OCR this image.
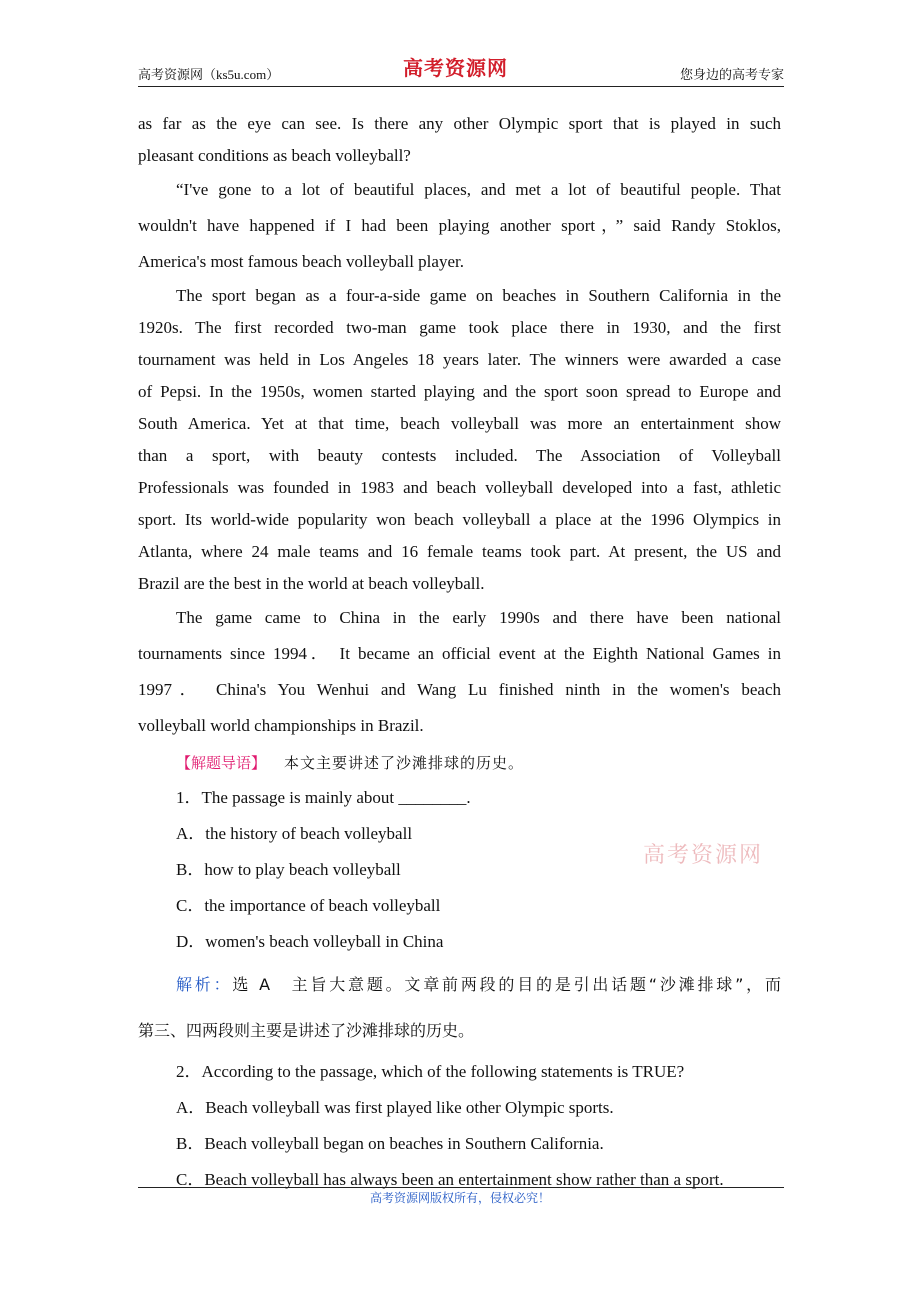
高考资源网（ks5u.com）	高考资源网	您身边的高考专家

as far as the eye can see. Is there any other Olympic sport that is played in such
pleasant conditions as beach volleyball?

“I've gone to a lot of beautiful places, and met a lot of beautiful people. That
wouldn't have happened if I had been playing another sport，” said Randy Stoklos,
America's most famous beach volleyball player.

The sport began as a four-a-side game on beaches in Southern California in the
1920s. The first recorded two-man game took place there in 1930, and the first
tournament was held in Los Angeles 18 years later. The winners were awarded a case
of Pepsi. In the 1950s, women started playing and the sport soon spread to Europe and
South America. Yet at that time, beach volleyball was more an entertainment show
than a sport, with beauty contests included. The Association of Volleyball
Professionals was founded in 1983 and beach volleyball developed into a fast, athletic
sport. Its world-wide popularity won beach volleyball a place at the 1996 Olympics in
Atlanta, where 24 male teams and 16 female teams took part. At present, the US and
Brazil are the best in the world at beach volleyball.

The game came to China in the early 1990s and there have been national
tournaments since 1994． It became an official event at the Eighth National Games in
1997． China's You Wenhui and Wang Lu finished ninth in the women's beach
volleyball world championships in Brazil.

【解题导语】 本文主要讲述了沙滩排球的历史。

1．The passage is mainly about ________.

A．the history of beach volleyball

B．how to play beach volleyball

C．the importance of beach volleyball

D．women's beach volleyball in China

解析：选 A　主旨大意题。文章前两段的目的是引出话题“沙滩排球”，而
第三、四两段则主要是讲述了沙滩排球的历史。

2．According to the passage, which of the following statements is TRUE?

A．Beach volleyball was first played like other Olympic sports.

B．Beach volleyball began on beaches in Southern California.

C．Beach volleyball has always been an entertainment show rather than a sport.

高考资源网
高考资源网版权所有，侵权必究！
